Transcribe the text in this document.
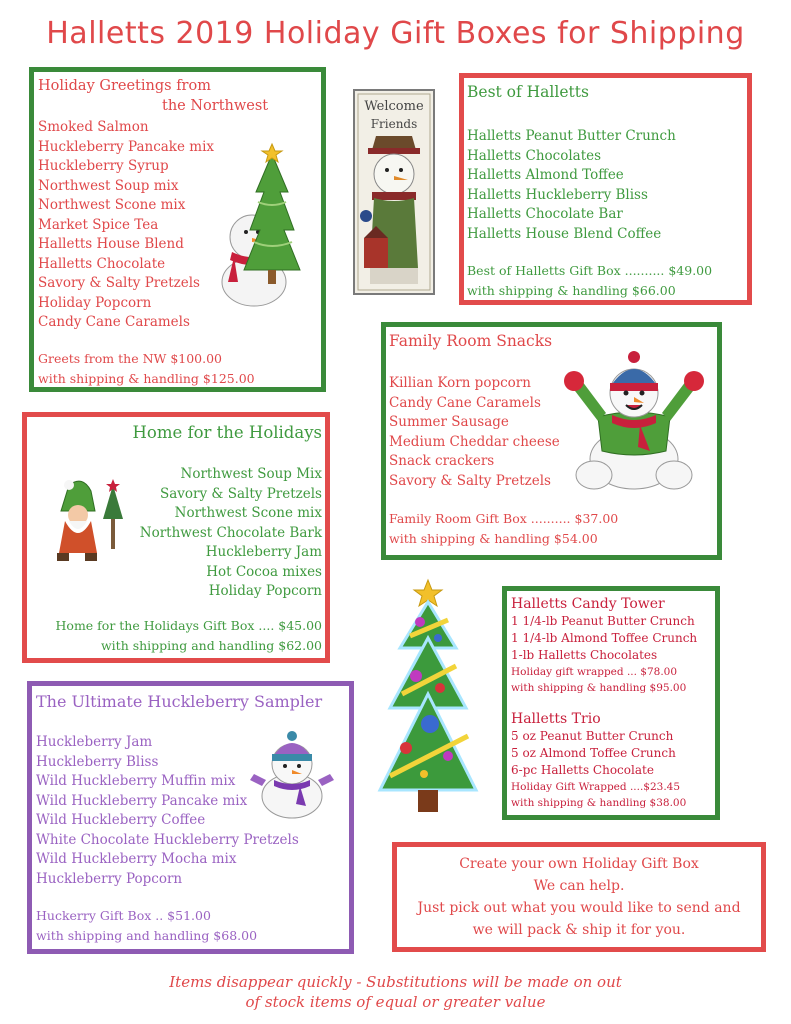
Halletts 2019 Holiday Gift Boxes for Shipping
Holiday Greetings from
the Northwest
Smoked Salmon
Huckleberry Pancake mix
Huckleberry Syrup
Northwest Soup mix
Northwest Scone mix
Market Spice Tea
Halletts House Blend
Halletts Chocolate
Savory & Salty Pretzels
Holiday Popcorn
Candy Cane Caramels
Greets from the NW $100.00
with shipping & handling $125.00
Welcome
Friends
Best of Halletts
Halletts Peanut Butter Crunch
Halletts Chocolates
Halletts Almond Toffee
Halletts Huckleberry Bliss
Halletts Chocolate Bar
Halletts House Blend Coffee
Best of Halletts Gift Box .......... $49.00
with shipping & handling $66.00
Family Room Snacks
Killian Korn popcorn
Candy Cane Caramels
Summer Sausage
Medium Cheddar cheese
Snack crackers
Savory & Salty Pretzels
Family Room Gift Box .......... $37.00
with shipping & handling $54.00
Home for the Holidays
Northwest Soup Mix
Savory & Salty Pretzels
Northwest Scone mix
Northwest Chocolate Bark
Huckleberry Jam
Hot Cocoa mixes
Holiday Popcorn
Home for the Holidays Gift Box .... $45.00
with shipping and handling $62.00
Halletts Candy Tower
1 1/4-lb Peanut Butter Crunch
1 1/4-lb Almond Toffee Crunch
1-lb Halletts Chocolates
Holiday gift wrapped ... $78.00
with shipping & handling $95.00
Halletts Trio
5 oz Peanut Butter Crunch
5 oz Almond Toffee Crunch
6-pc Halletts Chocolate
Holiday Gift Wrapped ....$23.45
with shipping & handling $38.00
The Ultimate Huckleberry Sampler
Huckleberry Jam
Huckleberry Bliss
Wild Huckleberry Muffin mix
Wild Huckleberry Pancake mix
Wild Huckleberry Coffee
White Chocolate Huckleberry Pretzels
Wild Huckleberry Mocha mix
Huckleberry Popcorn
Huckerry Gift Box .. $51.00
with shipping and handling $68.00
Create your own Holiday Gift Box
We can help.
Just pick out what you would like to send and
we will pack & ship it for you.
Items disappear quickly - Substitutions will be made on out
of stock items of equal or greater value
